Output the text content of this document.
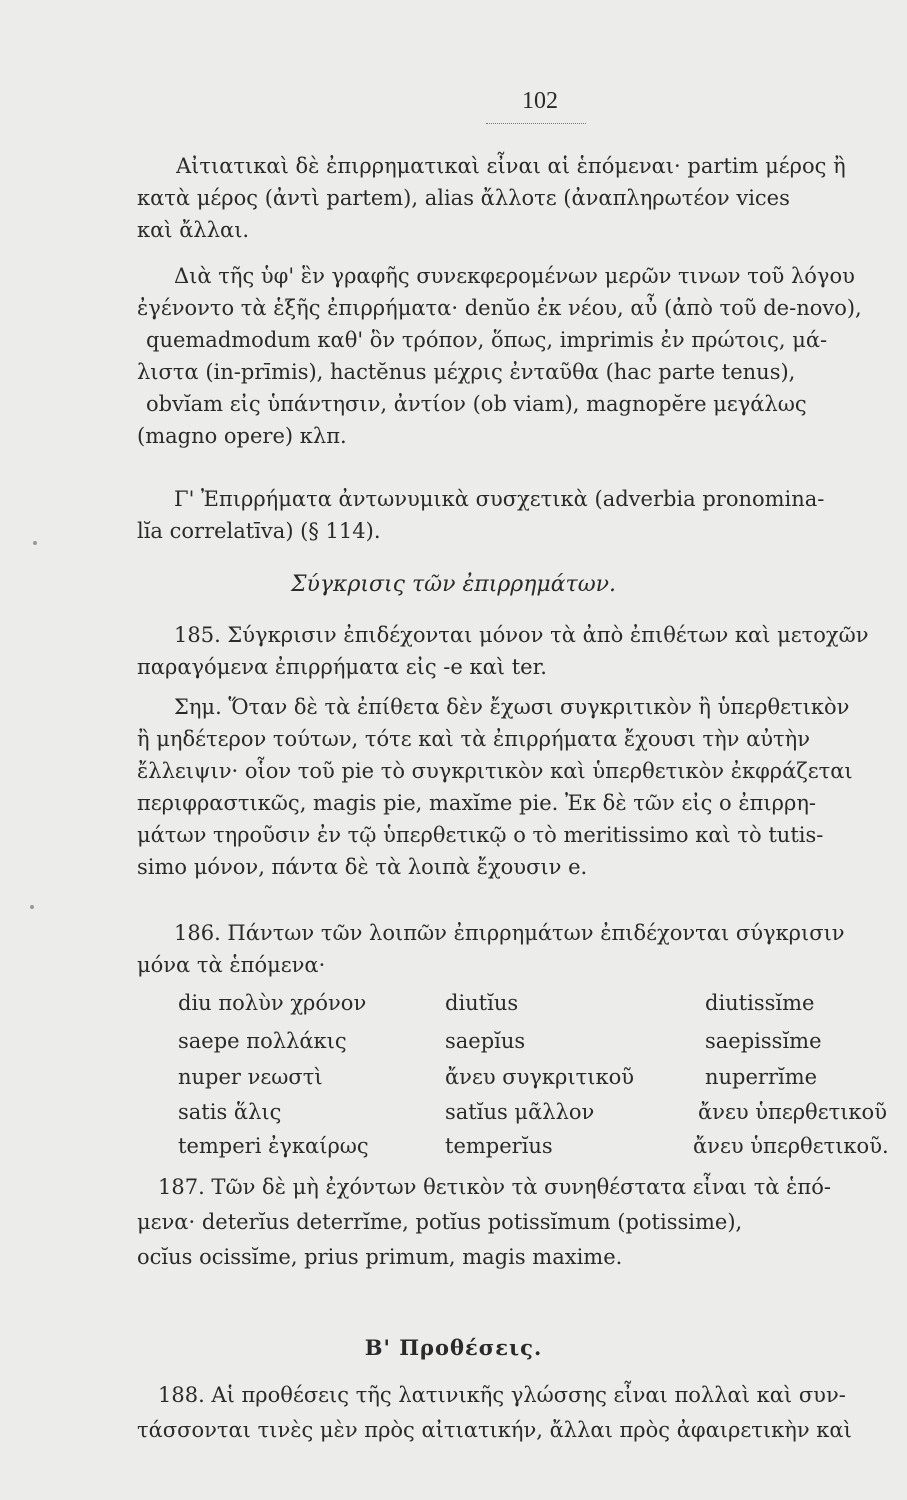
102
Αἰτιατικαὶ δὲ ἐπιρρηματικαὶ εἶναι αἱ ἑπόμεναι· partim μέρος ἢ
κατὰ μέρος (ἀντὶ partem), alias ἄλλοτε (ἀναπληρωτέον vices
καὶ ἄλλαι.
Διὰ τῆς ὑφ' ἓν γραφῆς συνεκφερομένων μερῶν τινων τοῦ λόγου
ἐγένοντο τὰ ἑξῆς ἐπιρρήματα· denŭo ἐκ νέου, αὖ (ἀπὸ τοῦ de-novo),
quemadmodum καθ' ὃν τρόπον, ὅπως, imprimis ἐν πρώτοις, μά-
λιστα (in-prīmis), hactĕnus μέχρις ἐνταῦθα (hac parte tenus),
obvĭam εἰς ὑπάντησιν, ἀντίον (ob viam), magnopĕre μεγάλως
(magno opere) κλπ.
Γ' Ἐπιρρήματα ἀντωνυμικὰ συσχετικὰ (adverbia pronomina-
lĭa correlatīva) (§ 114).
Σύγκρισις τῶν ἐπιρρημάτων.
185. Σύγκρισιν ἐπιδέχονται μόνον τὰ ἀπὸ ἐπιθέτων καὶ μετοχῶν
παραγόμενα ἐπιρρήματα εἰς -e καὶ ter.
Σημ. Ὅταν δὲ τὰ ἐπίθετα δὲν ἔχωσι συγκριτικὸν ἢ ὑπερθετικὸν
ἢ μηδέτερον τούτων, τότε καὶ τὰ ἐπιρρήματα ἔχουσι τὴν αὐτὴν
ἔλλειψιν· οἷον τοῦ pie τὸ συγκριτικὸν καὶ ὑπερθετικὸν ἐκφράζεται
περιφραστικῶς, magis pie, maxĭme pie. Ἐκ δὲ τῶν εἰς o ἐπιρρη-
μάτων τηροῦσιν ἐν τῷ ὑπερθετικῷ o τὸ meritissimo καὶ τὸ tutis-
simo μόνον, πάντα δὲ τὰ λοιπὰ ἔχουσιν e.
186. Πάντων τῶν λοιπῶν ἐπιρρημάτων ἐπιδέχονται σύγκρισιν
μόνα τὰ ἑπόμενα·
diu πολὺν χρόνον	diutĭus	diutissĭme
saepe πολλάκις	saepĭus	saepissĭme
nuper νεωστὶ	ἄνευ συγκριτικοῦ	nuperrĭme
satis ἅλις	satĭus μᾶλλον	ἄνευ ὑπερθετικοῦ
temperi ἐγκαίρως	temperĭus	ἄνευ ὑπερθετικοῦ.
187. Τῶν δὲ μὴ ἐχόντων θετικὸν τὰ συνηθέστατα εἶναι τὰ ἑπό-
μενα· deterĭus deterrĭme, potĭus potissĭmum (potissime),
ocĭus ocissĭme, prius primum, magis maxime.
Β' Προθέσεις.
188. Αἱ προθέσεις τῆς λατινικῆς γλώσσης εἶναι πολλαὶ καὶ συν-
τάσσονται τινὲς μὲν πρὸς αἰτιατικήν, ἄλλαι πρὸς ἀφαιρετικὴν καὶ
